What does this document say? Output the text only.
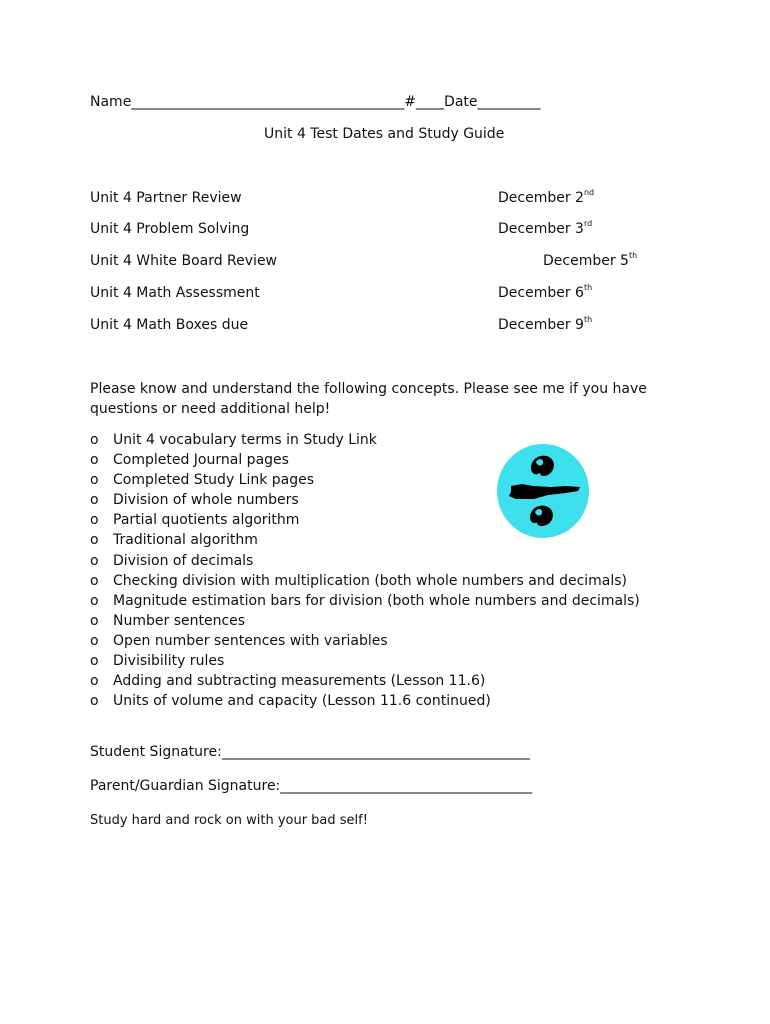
Name_______________________________________#____Date_________
Unit 4 Test Dates and Study Guide
Unit 4 Partner Review	December 2nd
Unit 4 Problem Solving	December 3rd
Unit 4 White Board Review	December 5th
Unit 4 Math Assessment	December 6th
Unit 4 Math Boxes due	December 9th
Please know and understand the following concepts. Please see me if you have
questions or need additional help!
o Unit 4 vocabulary terms in Study Link
o Completed Journal pages
o Completed Study Link pages
o Division of whole numbers
o Partial quotients algorithm
o Traditional algorithm
o Division of decimals
o Checking division with multiplication (both whole numbers and decimals)
o Magnitude estimation bars for division (both whole numbers and decimals)
o Number sentences
o Open number sentences with variables
o Divisibility rules
o Adding and subtracting measurements (Lesson 11.6)
o Units of volume and capacity (Lesson 11.6 continued)
Student Signature:____________________________________________
Parent/Guardian Signature:____________________________________
Study hard and rock on with your bad self!
